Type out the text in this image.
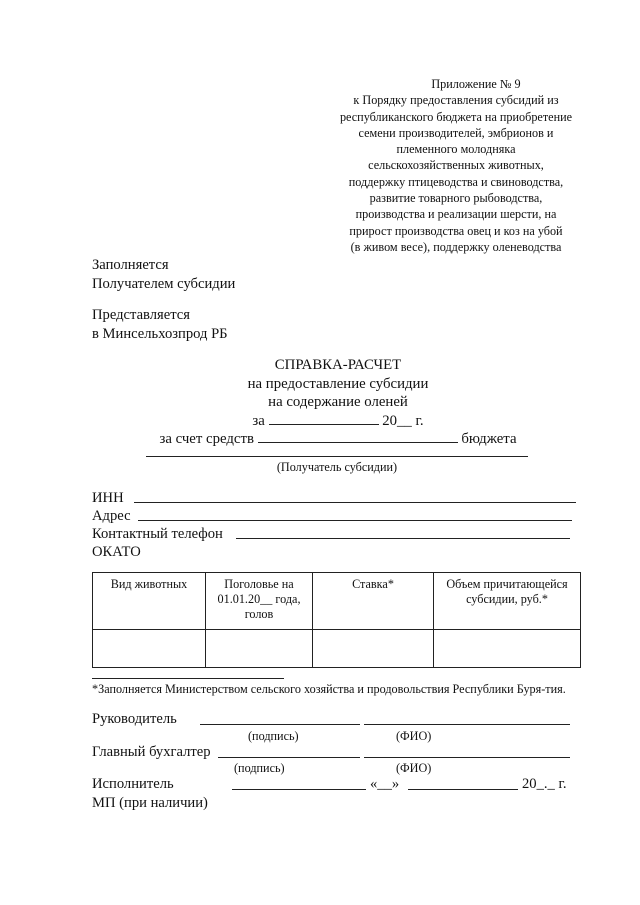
Приложение № 9
к Порядку предоставления субсидий из
республиканского бюджета на приобретение
семени производителей, эмбрионов и
племенного молодняка
сельскохозяйственных животных,
поддержку птицеводства и свиноводства,
развитие товарного рыбоводства,
производства и реализации шерсти, на
прирост производства овец и коз на убой
(в живом весе), поддержку оленеводства
Заполняется
Получателем субсидии
Представляется
в Минсельхозпрод РБ
СПРАВКА-РАСЧЕТ
на предоставление субсидии
на содержание оленей
за	20__ г.
за счет средств	бюджета
(Получатель субсидии)
ИНН
Адрес
Контактный телефон
ОКАТО
Вид животных	Поголовье на 01.01.20__ года, голов	Ставка*	Объем причитающейся субсидии, руб.*

*Заполняется Министерством сельского хозяйства и продовольствия Республики Буря-тия.
Руководитель
(подпись)	(ФИО)
Главный бухгалтер
(подпись)	(ФИО)
Исполнитель	«__»	20_._ г.
МП (при наличии)
